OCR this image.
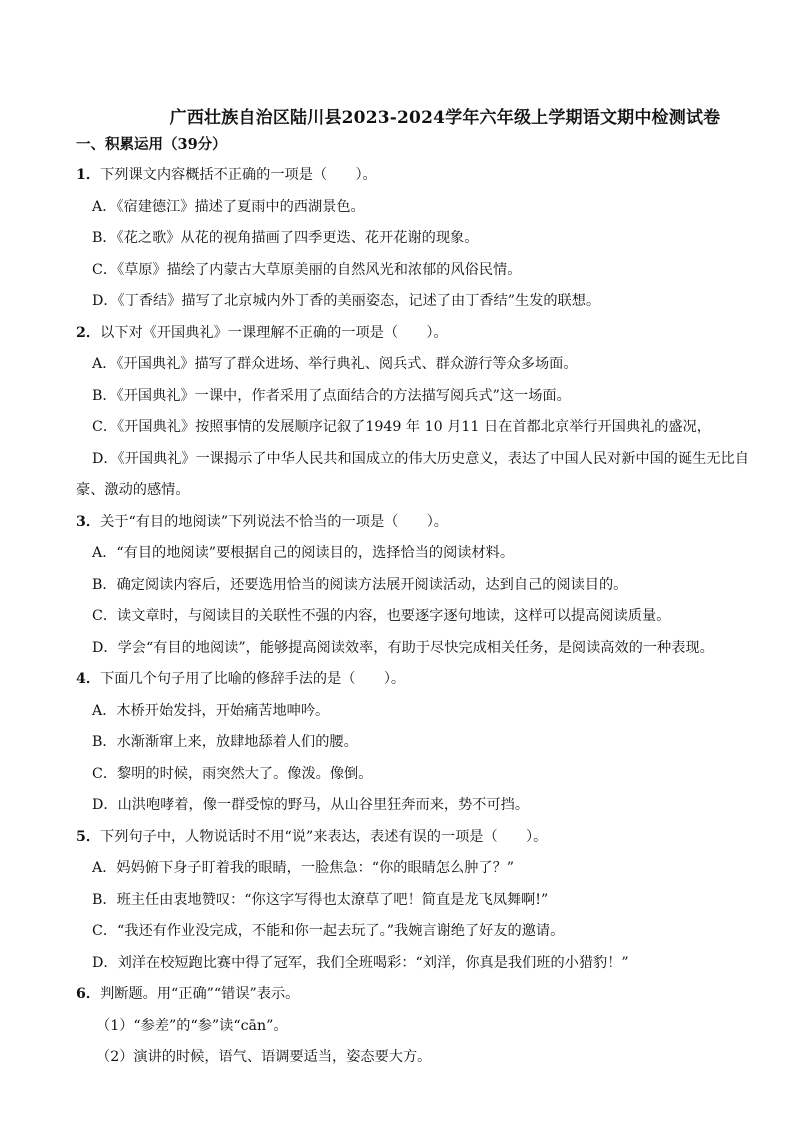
广西壮族自治区陆川县2023-2024学年六年级上学期语文期中检测试卷
一、积累运用（39分）
1．下列课文内容概括不正确的一项是（　　）。
A．《宿建德江》描述了夏雨中的西湖景色。
B．《花之歌》从花的视角描画了四季更迭、花开花谢的现象。
C．《草原》描绘了内蒙古大草原美丽的自然风光和浓郁的风俗民情。
D．《丁香结》描写了北京城内外丁香的美丽姿态，记述了由丁香结”生发的联想。
2．以下对《开国典礼》一课理解不正确的一项是（　　）。
A．《开国典礼》描写了群众进场、举行典礼、阅兵式、群众游行等众多场面。
B．《开国典礼》一课中，作者采用了点面结合的方法描写阅兵式”这一场面。
C．《开国典礼》按照事情的发展顺序记叙了1949 年 10 月11 日在首都北京举行开国典礼的盛况，
D．《开国典礼》一课揭示了中华人民共和国成立的伟大历史意义，表达了中国人民对新中国的诞生无比自豪、激动的感情。
3．关于“有目的地阅读”下列说法不恰当的一项是（　　）。
A．“有目的地阅读”要根据自己的阅读目的，选择恰当的阅读材料。
B．确定阅读内容后，还要选用恰当的阅读方法展开阅读活动，达到自己的阅读目的。
C．读文章时，与阅读目的关联性不强的内容，也要逐字逐句地读，这样可以提高阅读质量。
D．学会“有目的地阅读”，能够提高阅读效率，有助于尽快完成相关任务，是阅读高效的一种表现。
4．下面几个句子用了比喻的修辞手法的是（　　）。
A．木桥开始发抖，开始痛苦地呻吟。
B．水渐渐窜上来，放肆地舔着人们的腰。
C．黎明的时候，雨突然大了。像泼。像倒。
D．山洪咆哮着，像一群受惊的野马，从山谷里狂奔而来，势不可挡。
5．下列句子中，人物说话时不用“说”来表达，表述有误的一项是（　　）。
A．妈妈俯下身子盯着我的眼睛，一脸焦急：“你的眼睛怎么肿了？”
B．班主任由衷地赞叹：“你这字写得也太潦草了吧！简直是龙飞凤舞啊!”
C．“我还有作业没完成，不能和你一起去玩了。”我婉言谢绝了好友的邀请。
D．刘洋在校短跑比赛中得了冠军，我们全班喝彩：“刘洋，你真是我们班的小猎豹！”
6．判断题。用“正确”“错误”表示。
（1）“参差”的“参”读“cān”。
（2）演讲的时候，语气、语调要适当，姿态要大方。
